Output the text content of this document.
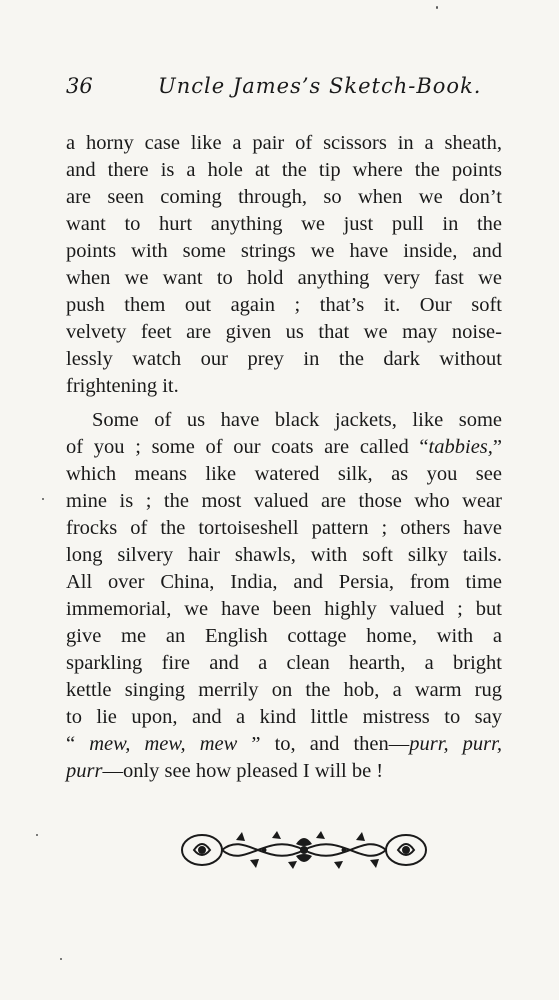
36	Uncle James’s Sketch-Book.
a horny case like a pair of scissors in a sheath,
and there is a hole at the tip where the points
are seen coming through, so when we don’t
want to hurt anything we just pull in the
points with some strings we have inside, and
when we want to hold anything very fast we
push them out again ; that’s it. Our soft
velvety feet are given us that we may noise-
lessly watch our prey in the dark without
frightening it.
Some of us have black jackets, like some
of you ; some of our coats are called “tabbies,”
which means like watered silk, as you see
mine is ; the most valued are those who wear
frocks of the tortoiseshell pattern ; others have
long silvery hair shawls, with soft silky tails.
All over China, India, and Persia, from time
immemorial, we have been highly valued ; but
give me an English cottage home, with a
sparkling fire and a clean hearth, a bright
kettle singing merrily on the hob, a warm rug
to lie upon, and a kind little mistress to say
“ mew, mew, mew ” to, and then—purr, purr,
purr—only see how pleased I will be !
